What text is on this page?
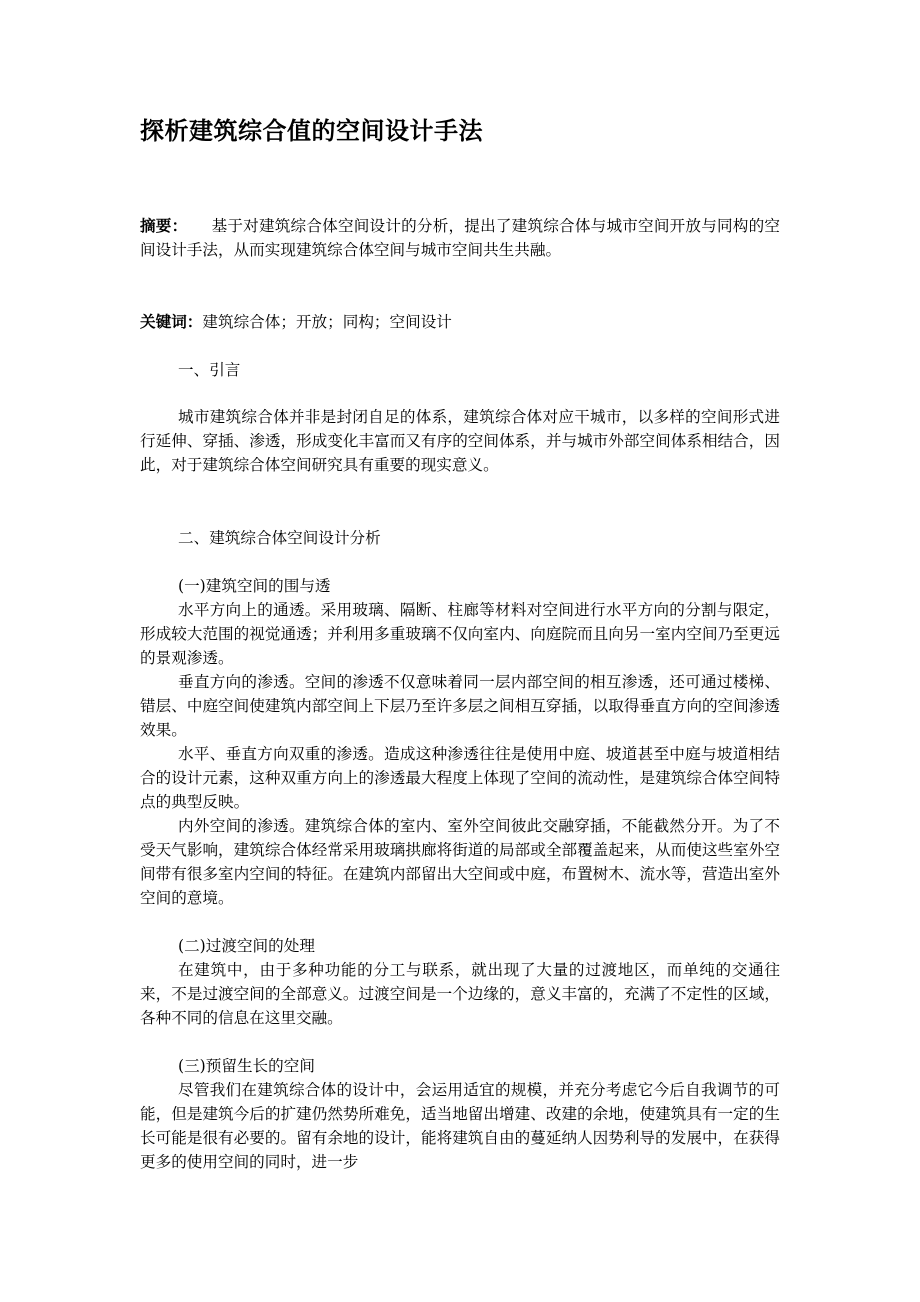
探析建筑综合值的空间设计手法

摘要： 基于对建筑综合体空间设计的分析，提出了建筑综合体与城市空间开放与同构的空间设计手法，从而实现建筑综合体空间与城市空间共生共融。

关键词：建筑综合体；开放；同构；空间设计

一、引言

城市建筑综合体并非是封闭自足的体系，建筑综合体对应干城市，以多样的空间形式进行延伸、穿插、渗透，形成变化丰富而又有序的空间体系，并与城市外部空间体系相结合，因此，对于建筑综合体空间研究具有重要的现实意义。

二、建筑综合体空间设计分析

(一)建筑空间的围与透

水平方向上的通透。采用玻璃、隔断、柱廊等材料对空间进行水平方向的分割与限定，形成较大范围的视觉通透；并利用多重玻璃不仅向室内、向庭院而且向另一室内空间乃至更远的景观渗透。

垂直方向的渗透。空间的渗透不仅意味着同一层内部空间的相互渗透，还可通过楼梯、错层、中庭空间使建筑内部空间上下层乃至许多层之间相互穿插，以取得垂直方向的空间渗透效果。

水平、垂直方向双重的渗透。造成这种渗透往往是使用中庭、坡道甚至中庭与坡道相结合的设计元素，这种双重方向上的渗透最大程度上体现了空间的流动性，是建筑综合体空间特点的典型反映。

内外空间的渗透。建筑综合体的室内、室外空间彼此交融穿插，不能截然分开。为了不受天气影响，建筑综合体经常采用玻璃拱廊将街道的局部或全部覆盖起来，从而使这些室外空间带有很多室内空间的特征。在建筑内部留出大空间或中庭，布置树木、流水等，营造出室外空间的意境。

(二)过渡空间的处理

在建筑中，由于多种功能的分工与联系，就出现了大量的过渡地区，而单纯的交通往来，不是过渡空间的全部意义。过渡空间是一个边缘的，意义丰富的，充满了不定性的区域，各种不同的信息在这里交融。

(三)预留生长的空间

尽管我们在建筑综合体的设计中，会运用适宜的规模，并充分考虑它今后自我调节的可能，但是建筑今后的扩建仍然势所难免，适当地留出增建、改建的余地，使建筑具有一定的生长可能是很有必要的。留有余地的设计，能将建筑自由的蔓延纳人因势利导的发展中，在获得更多的使用空间的同时，进一步
